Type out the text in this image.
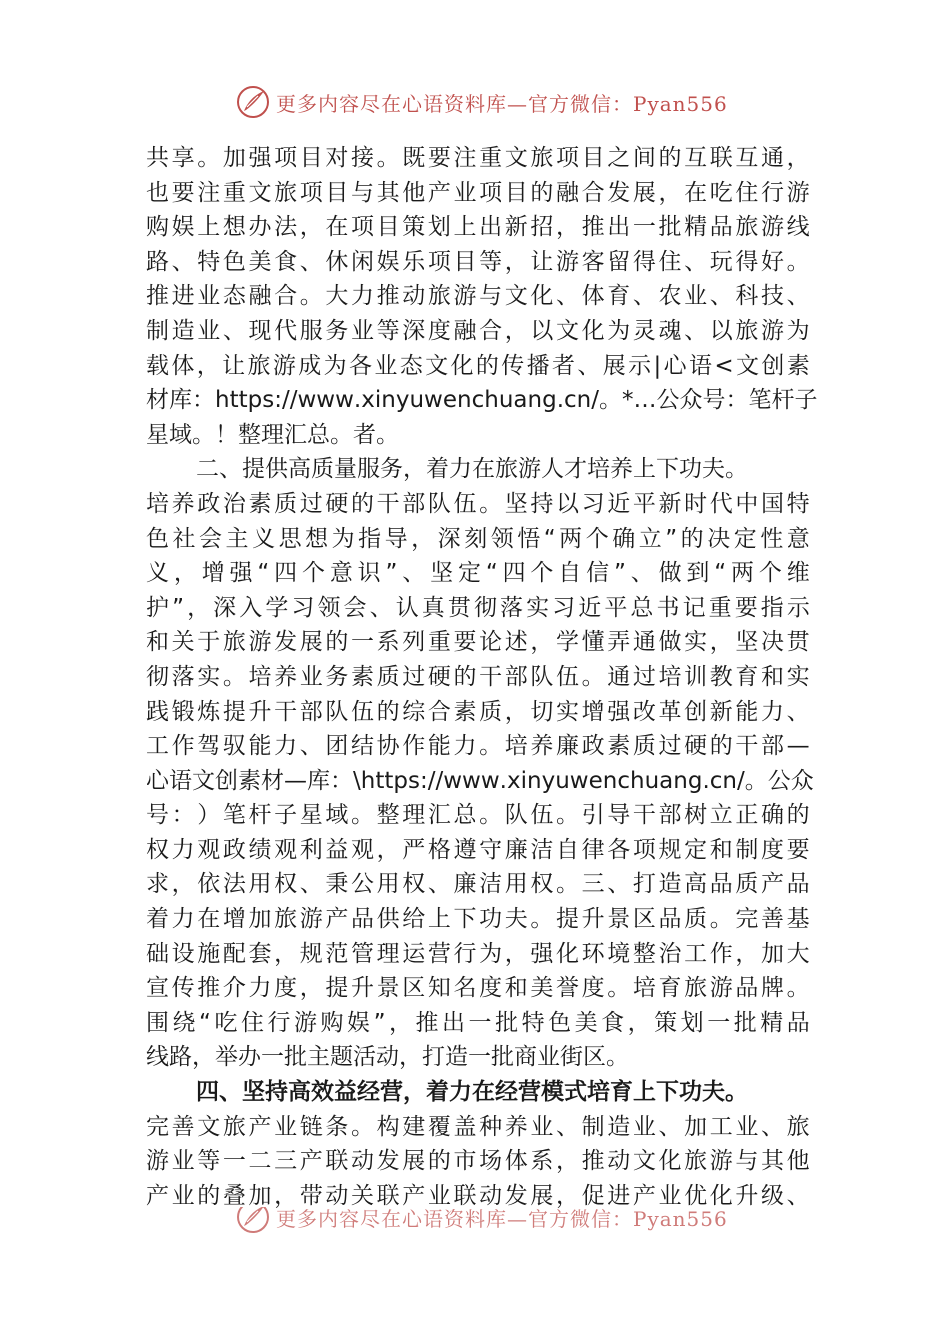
更多内容尽在心语资料库—官方微信：Pyan556
共 享 。 加 强 项 目 对 接 。 既 要 注 重 文 旅 项 目 之 间 的 互 联 互 通 ，
也 要 注 重 文 旅 项 目 与 其 他 产 业 项 目 的 融 合 发 展 ， 在 吃 住 行 游
购 娱 上 想 办 法 ， 在 项 目 策 划 上 出 新 招 ， 推 出 一 批 精 品 旅 游 线
路 、 特 色 美 食 、 休 闲 娱 乐 项 目 等 ， 让 游 客 留 得 住 、 玩 得 好 。
推 进 业 态 融 合 。 大 力 推 动 旅 游 与 文 化 、 体 育 、 农 业 、 科 技 、
制 造 业 、 现 代 服 务 业 等 深 度 融 合 ， 以 文 化 为 灵 魂 、 以 旅 游 为
载 体 ， 让 旅 游 成 为 各 业 态 文 化 的 传 播 者 、 展 示 | 心 语 < 文 创 素
材 库 ： h t t p s : / / w w w . x i n y u w e n c h u a n g . c n / 。 * … 公 众 号 ： 笔 杆 子
星域。！整理汇总。者。
二、提供高质量服务，着力在旅游人才培养上下功夫。
培 养 政 治 素 质 过 硬 的 干 部 队 伍 。 坚 持 以 习 近 平 新 时 代 中 国 特
色 社 会 主 义 思 想 为 指 导 ， 深 刻 领 悟 “ 两 个 确 立 ” 的 决 定 性 意
义 ， 增 强 “ 四 个 意 识 ” 、 坚 定 “ 四 个 自 信 ” 、 做 到 “ 两 个 维
护 ” ， 深 入 学 习 领 会 、 认 真 贯 彻 落 实 习 近 平 总 书 记 重 要 指 示
和 关 于 旅 游 发 展 的 一 系 列 重 要 论 述 ， 学 懂 弄 通 做 实 ， 坚 决 贯
彻 落 实 。 培 养 业 务 素 质 过 硬 的 干 部 队 伍 。 通 过 培 训 教 育 和 实
践 锻 炼 提 升 干 部 队 伍 的 综 合 素 质 ， 切 实 增 强 改 革 创 新 能 力 、
工 作 驾 驭 能 力 、 团 结 协 作 能 力 。 培 养 廉 政 素 质 过 硬 的 干 部 —
心 语 文 创 素 材 — 库 ： \ h t t p s : / / w w w . x i n y u w e n c h u a n g . c n / 。 公 众
号 ： ） 笔 杆 子 星 域 。 整 理 汇 总 。 队 伍 。 引 导 干 部 树 立 正 确 的
权 力 观 政 绩 观 利 益 观 ， 严 格 遵 守 廉 洁 自 律 各 项 规 定 和 制 度 要
求 ， 依 法 用 权 、 秉 公 用 权 、 廉 洁 用 权 。 三 、 打 造 高 品 质 产 品
着 力 在 增 加 旅 游 产 品 供 给 上 下 功 夫 。 提 升 景 区 品 质 。 完 善 基
础 设 施 配 套 ， 规 范 管 理 运 营 行 为 ， 强 化 环 境 整 治 工 作 ， 加 大
宣 传 推 介 力 度 ， 提 升 景 区 知 名 度 和 美 誉 度 。 培 育 旅 游 品 牌 。
围 绕 “ 吃 住 行 游 购 娱 ” ， 推 出 一 批 特 色 美 食 ， 策 划 一 批 精 品
线路，举办一批主题活动，打造一批商业街区。
四、坚持高效益经营，着力在经营模式培育上下功夫。
完 善 文 旅 产 业 链 条 。 构 建 覆 盖 种 养 业 、 制 造 业 、 加 工 业 、 旅
游 业 等 一 二 三 产 联 动 发 展 的 市 场 体 系 ， 推 动 文 化 旅 游 与 其 他
产 业 的 叠 加 ， 带 动 关 联 产 业 联 动 发 展 ， 促 进 产 业 优 化 升 级 、
更多内容尽在心语资料库—官方微信：Pyan556
